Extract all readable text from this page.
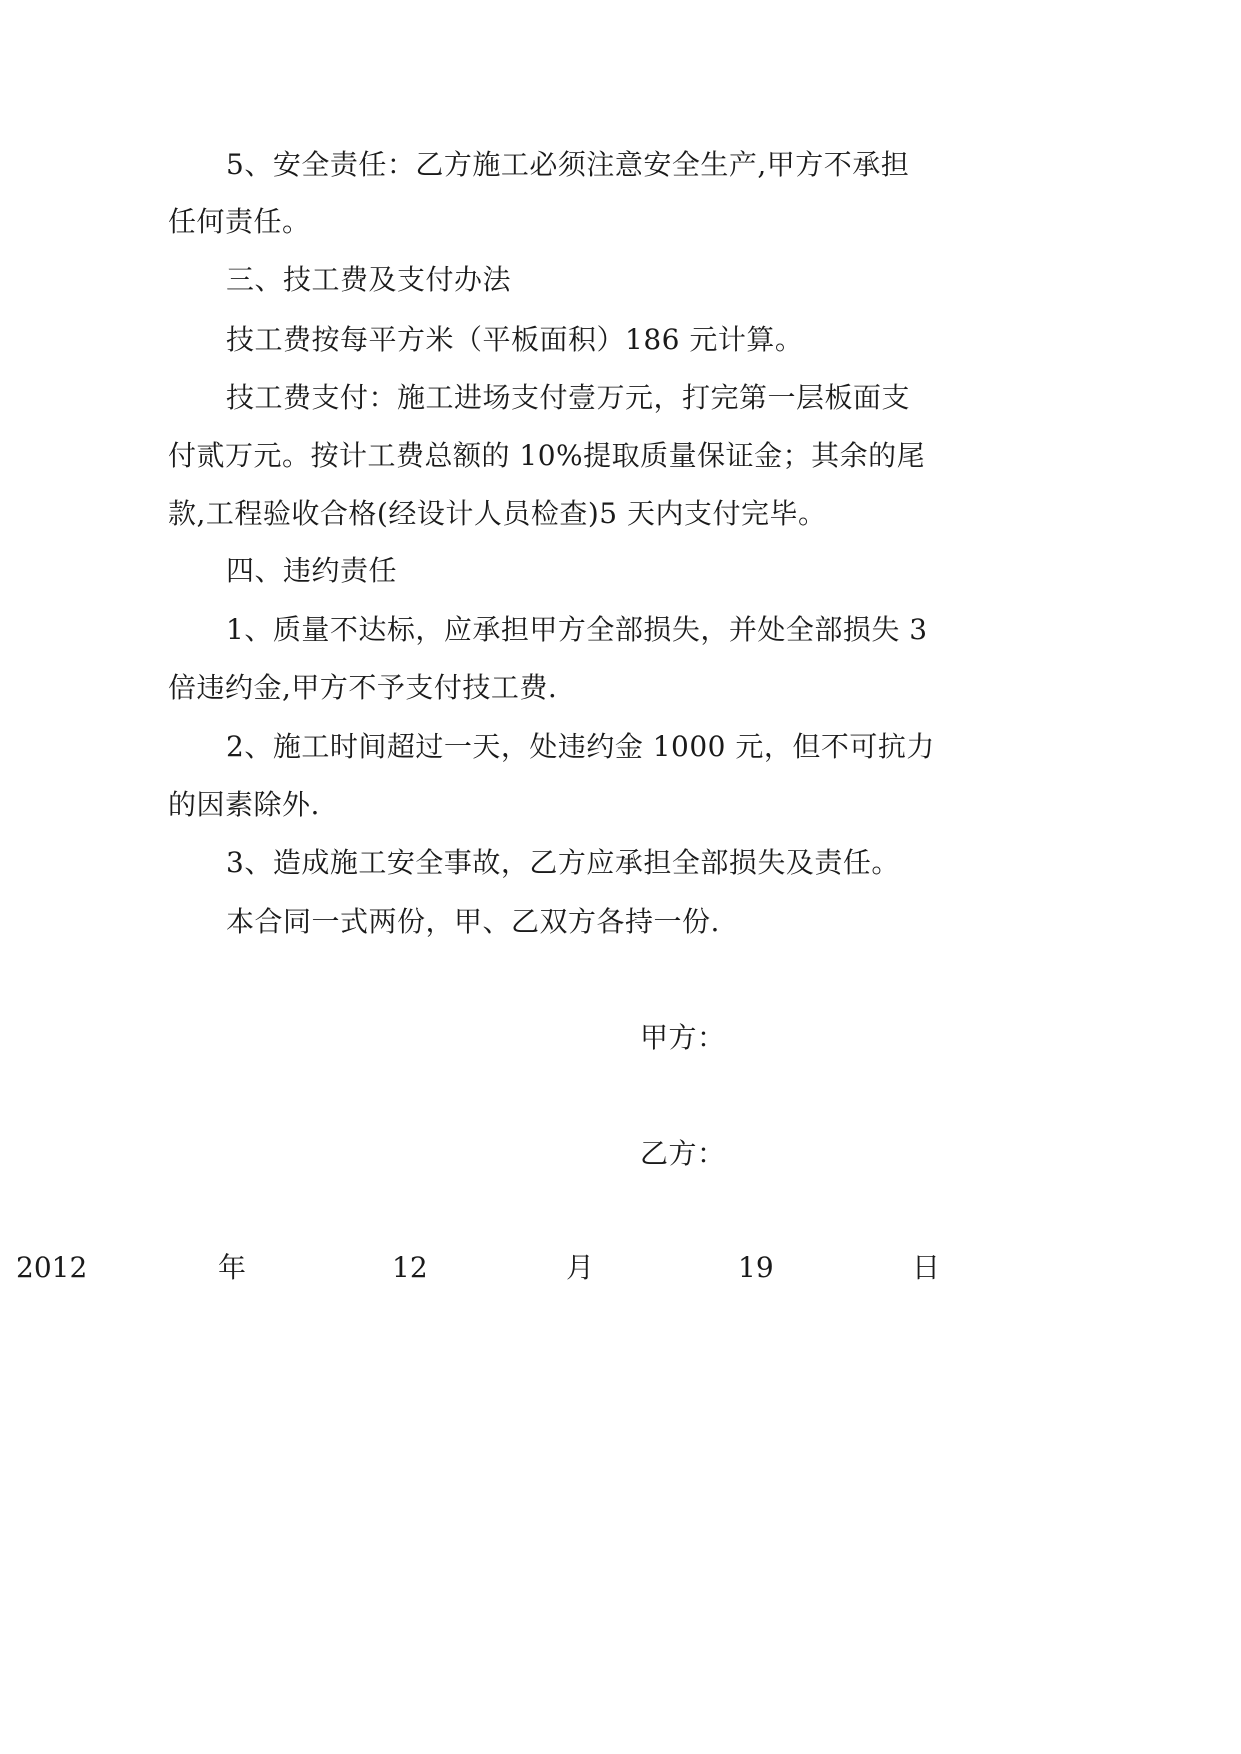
5、安全责任：乙方施工必须注意安全生产,甲方不承担
任何责任。
三、技工费及支付办法
技工费按每平方米（平板面积）186 元计算。
技工费支付：施工进场支付壹万元，打完第一层板面支
付贰万元。按计工费总额的 10%提取质量保证金；其余的尾
款,工程验收合格(经设计人员检查)5 天内支付完毕。
四、违约责任
1、质量不达标，应承担甲方全部损失，并处全部损失 3
倍违约金,甲方不予支付技工费.
2、施工时间超过一天，处违约金 1000 元，但不可抗力
的因素除外.
3、造成施工安全事故，乙方应承担全部损失及责任。
本合同一式两份，甲、乙双方各持一份.
甲方：
乙方：
2012	年	12	月	19	日
